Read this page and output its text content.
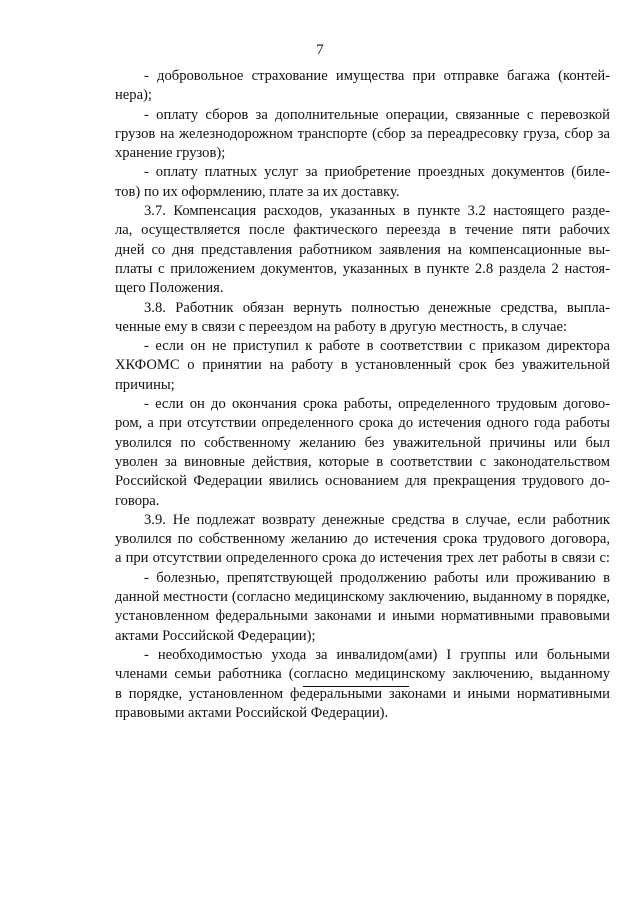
7
- добровольное страхование имущества при отправке багажа (контей-
нера);
- оплату сборов за дополнительные операции, связанные с перевозкой
грузов на железнодорожном транспорте (сбор за переадресовку груза, сбор за
хранение грузов);
- оплату платных услуг за приобретение проездных документов (биле-
тов) по их оформлению, плате за их доставку.
3.7. Компенсация расходов, указанных в пункте 3.2 настоящего разде-
ла, осуществляется после фактического переезда в течение пяти рабочих
дней со дня представления работником заявления на компенсационные вы-
платы с приложением документов, указанных в пункте 2.8 раздела 2 настоя-
щего Положения.
3.8. Работник обязан вернуть полностью денежные средства, выпла-
ченные ему в связи с переездом на работу в другую местность, в случае:
- если он не приступил к работе в соответствии с приказом директора
ХКФОМС о принятии на работу в установленный срок без уважительной
причины;
- если он до окончания срока работы, определенного трудовым догово-
ром, а при отсутствии определенного срока до истечения одного года работы
уволился по собственному желанию без уважительной причины или был
уволен за виновные действия, которые в соответствии с законодательством
Российской Федерации явились основанием для прекращения трудового до-
говора.
3.9. Не подлежат возврату денежные средства в случае, если работник
уволился по собственному желанию до истечения срока трудового договора,
а при отсутствии определенного срока до истечения трех лет работы в связи с:
- болезнью, препятствующей продолжению работы или проживанию в
данной местности (согласно медицинскому заключению, выданному в порядке,
установленном федеральными законами и иными нормативными правовыми
актами Российской Федерации);
- необходимостью ухода за инвалидом(ами) I группы или больными
членами семьи работника (согласно медицинскому заключению, выданному
в порядке, установленном федеральными законами и иными нормативными
правовыми актами Российской Федерации).
